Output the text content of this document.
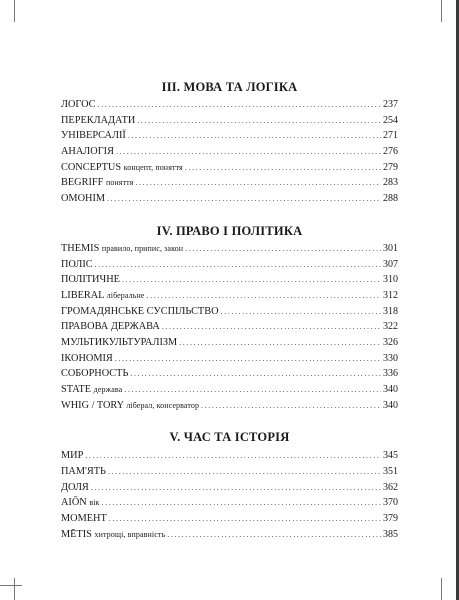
III. МОВА ТА ЛОГІКА
ЛОГОС .....	237
ПЕРЕКЛАДАТИ .....	254
УНІВЕРСАЛІЇ .....	271
АНАЛОГІЯ .....	276
CONCEPTUS концепт, поняття .....	279
BEGRIFF поняття .....	283
ОМОНІМ .....	288
IV. ПРАВО І ПОЛІТИКА
THEMIS правило, припис, закон .....	301
ПОЛІС .....	307
ПОЛІТИЧНЕ .....	310
LIBERAL ліберальне .....	312
ГРОМАДЯНСЬКЕ СУСПІЛЬСТВО .....	318
ПРАВОВА ДЕРЖАВА .....	322
МУЛЬТИКУЛЬТУРАЛІЗМ .....	326
ІКОНОМІЯ .....	330
СОБОРНОСТЬ .....	336
STATE держава .....	340
WHIG / TORY ліберал, консерватор .....	340
V. ЧАС ТА ІСТОРІЯ
МИР .....	345
ПАМ'ЯТЬ .....	351
ДОЛЯ .....	362
AIŌN вік .....	370
МОМЕНТ .....	379
MĒTIS хитрощі, вправність .....	385
